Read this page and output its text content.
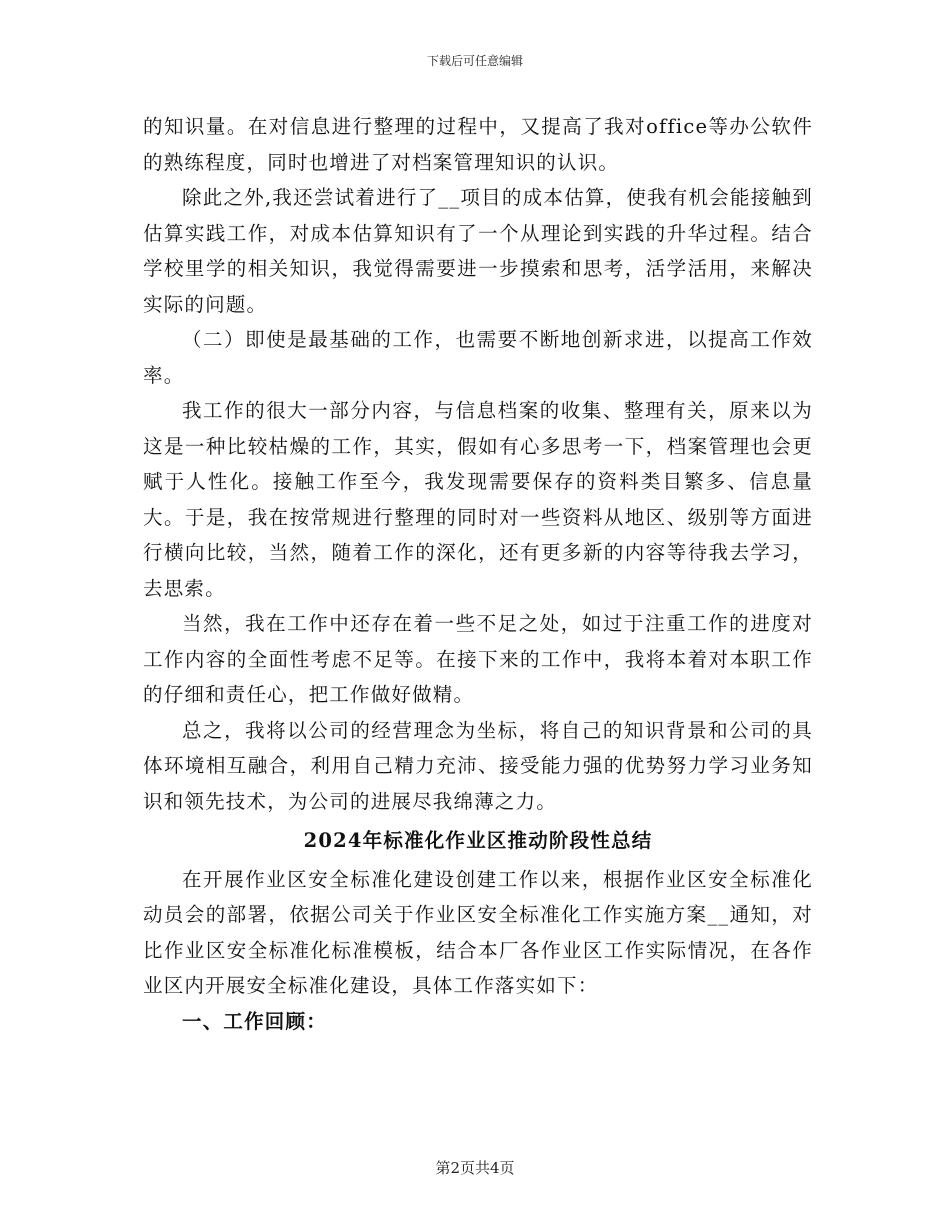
下载后可任意编辑

的知识量。在对信息进行整理的过程中，又提高了我对office等办公软件的熟练程度，同时也增进了对档案管理知识的认识。

除此之外,我还尝试着进行了__项目的成本估算，使我有机会能接触到估算实践工作，对成本估算知识有了一个从理论到实践的升华过程。结合学校里学的相关知识，我觉得需要进一步摸索和思考，活学活用，来解决实际的问题。

（二）即使是最基础的工作，也需要不断地创新求进，以提高工作效率。

我工作的很大一部分内容，与信息档案的收集、整理有关，原来以为这是一种比较枯燥的工作，其实，假如有心多思考一下，档案管理也会更赋于人性化。接触工作至今，我发现需要保存的资料类目繁多、信息量大。于是，我在按常规进行整理的同时对一些资料从地区、级别等方面进行横向比较，当然，随着工作的深化，还有更多新的内容等待我去学习，去思索。

当然，我在工作中还存在着一些不足之处，如过于注重工作的进度对工作内容的全面性考虑不足等。在接下来的工作中，我将本着对本职工作的仔细和责任心，把工作做好做精。

总之，我将以公司的经营理念为坐标，将自己的知识背景和公司的具体环境相互融合，利用自己精力充沛、接受能力强的优势努力学习业务知识和领先技术，为公司的进展尽我绵薄之力。

2024年标准化作业区推动阶段性总结

在开展作业区安全标准化建设创建工作以来，根据作业区安全标准化动员会的部署，依据公司关于作业区安全标准化工作实施方案__通知，对比作业区安全标准化标准模板，结合本厂各作业区工作实际情况，在各作业区内开展安全标准化建设，具体工作落实如下：

一、工作回顾：

第2页共4页
